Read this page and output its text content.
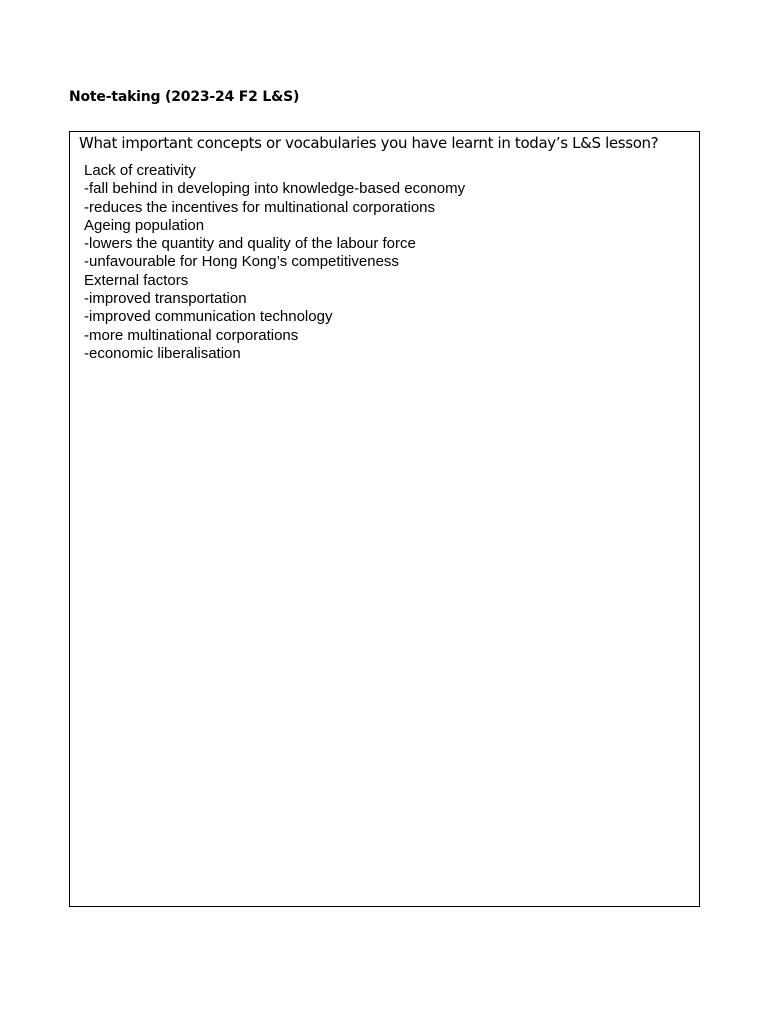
Note-taking (2023-24 F2 L&S)
What important concepts or vocabularies you have learnt in today’s L&S lesson?
Lack of creativity
-fall behind in developing into knowledge-based economy
-reduces the incentives for multinational corporations
Ageing population
-lowers the quantity and quality of the labour force
-unfavourable for Hong Kong’s competitiveness
External factors
-improved transportation
-improved communication technology
-more multinational corporations
-economic liberalisation
